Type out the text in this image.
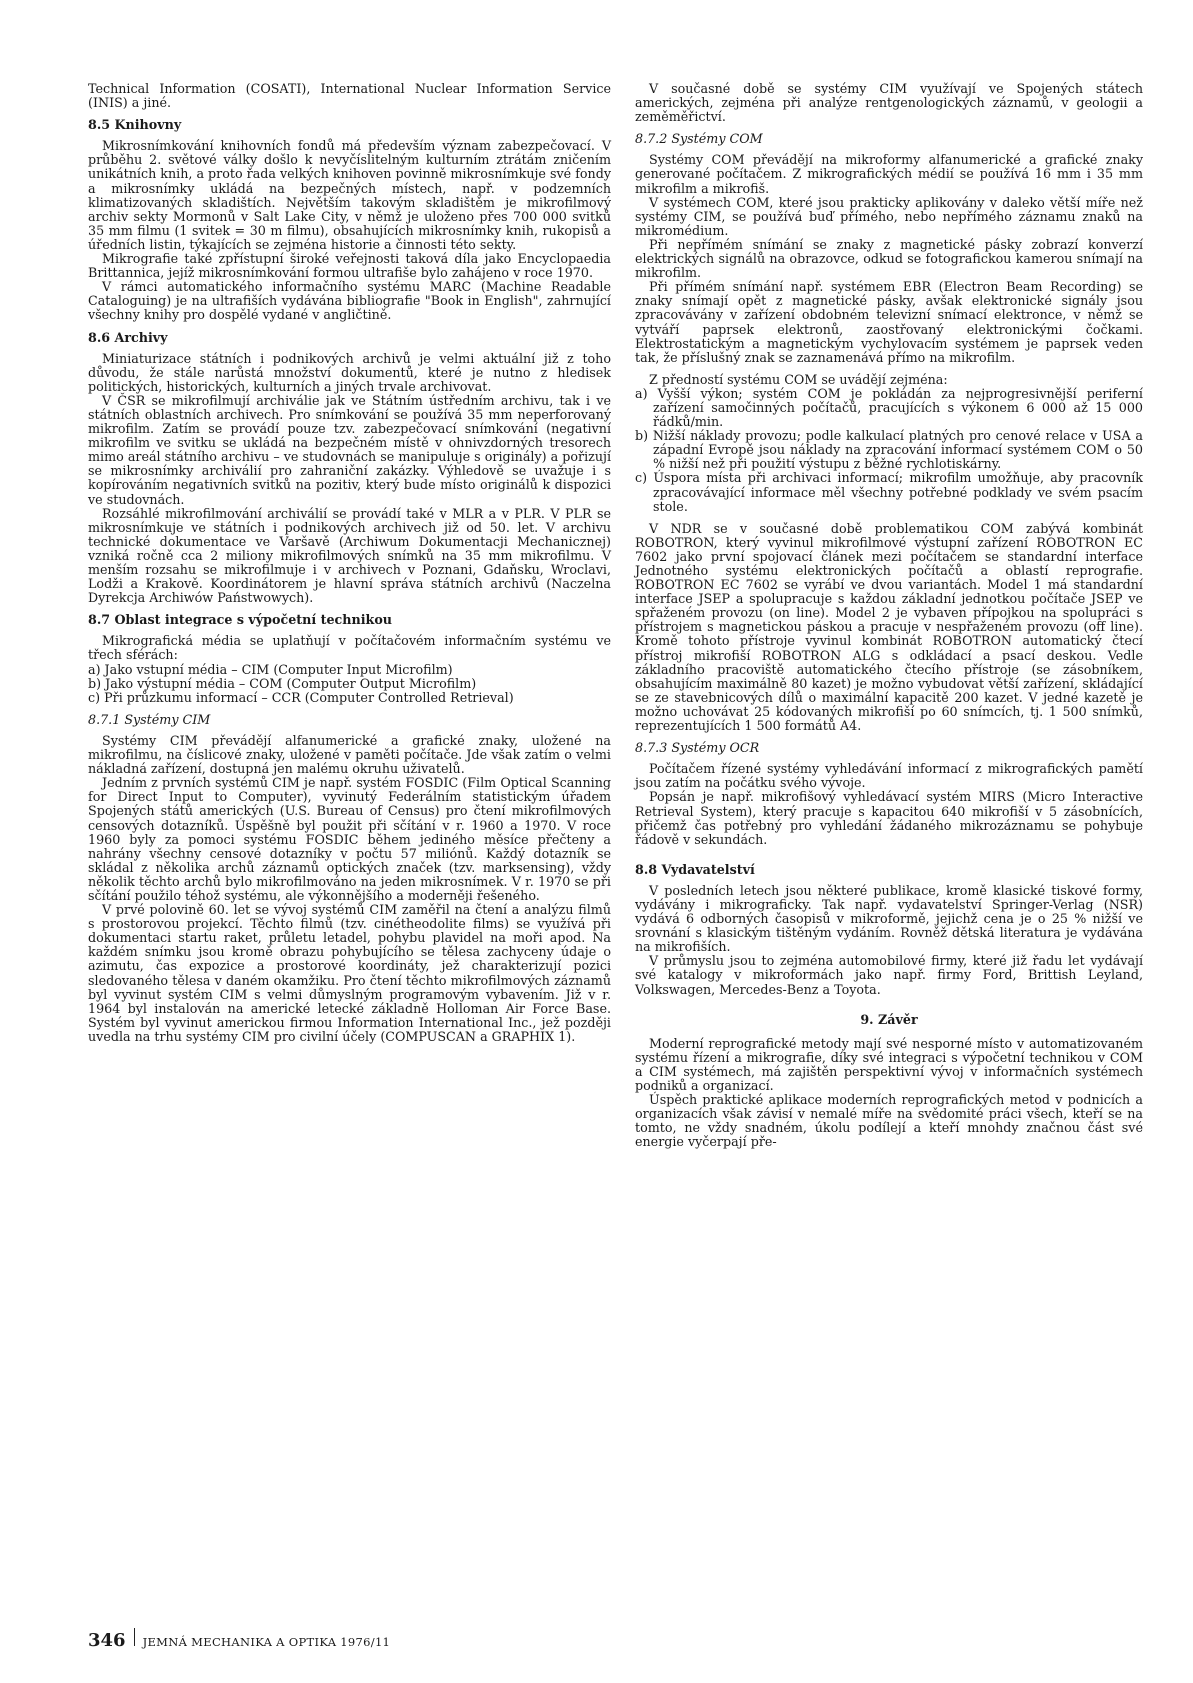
Technical Information (COSATI), International Nuclear Information Service (INIS) a jiné.

8.5 Knihovny

Mikrosnímkování knihovních fondů má především význam zabezpečovací. V průběhu 2. světové války došlo k nevyčíslitelným kulturním ztrátám zničením unikátních knih, a proto řada velkých knihoven povinně mikrosnímkuje své fondy a mikrosnímky ukládá na bezpečných místech, např. v podzemních klimatizovaných skladištích. Největším takovým skladištěm je mikrofilmový archiv sekty Mormonů v Salt Lake City, v němž je uloženo přes 700 000 svitků 35 mm filmu (1 svitek = 30 m filmu), obsahujících mikrosnímky knih, rukopisů a úředních listin, týkajících se zejména historie a činnosti této sekty.

Mikrografie také zpřístupní široké veřejnosti taková díla jako Encyclopaedia Brittannica, jejíž mikrosnímkování formou ultrafiše bylo zahájeno v roce 1970.

V rámci automatického informačního systému MARC (Machine Readable Cataloguing) je na ultrafiších vydávána bibliografie "Book in English", zahrnující všechny knihy pro dospělé vydané v angličtině.

8.6 Archivy

Miniaturizace státních i podnikových archivů je velmi aktuální již z toho důvodu, že stále narůstá množství dokumentů, které je nutno z hledisek politických, historických, kulturních a jiných trvale archivovat.

V ČSR se mikrofilmují archiválie jak ve Státním ústředním archivu, tak i ve státních oblastních archivech. Pro snímkování se používá 35 mm neperforovaný mikrofilm. Zatím se provádí pouze tzv. zabezpečovací snímkování (negativní mikrofilm ve svitku se ukládá na bezpečném místě v ohnivzdorných tresorech mimo areál státního archivu – ve studovnách se manipuluje s originály) a pořizují se mikrosnímky archiválií pro zahraniční zakázky. Výhledově se uvažuje i s kopírováním negativních svitků na pozitiv, který bude místo originálů k dispozici ve studovnách.

Rozsáhlé mikrofilmování archiválií se provádí také v MLR a v PLR. V PLR se mikrosnímkuje ve státních i podnikových archivech již od 50. let. V archivu technické dokumentace ve Varšavě (Archiwum Dokumentacji Mechanicznej) vzniká ročně cca 2 miliony mikrofilmových snímků na 35 mm mikrofilmu. V menším rozsahu se mikrofilmuje i v archivech v Poznani, Gdaňsku, Wroclavi, Lodži a Krakově. Koordinátorem je hlavní správa státních archivů (Naczelna Dyrekcja Archiwów Państwowych).

8.7 Oblast integrace s výpočetní technikou

Mikrografická média se uplatňují v počítačovém informačním systému ve třech sférách:

a) Jako vstupní média – CIM (Computer Input Microfilm)

b) Jako výstupní média – COM (Computer Output Microfilm)

c) Při průzkumu informací – CCR (Computer Controlled Retrieval)

8.7.1 Systémy CIM

Systémy CIM převádějí alfanumerické a grafické znaky, uložené na mikrofilmu, na číslicové znaky, uložené v paměti počítače. Jde však zatím o velmi nákladná zařízení, dostupná jen malému okruhu uživatelů.

Jedním z prvních systémů CIM je např. systém FOSDIC (Film Optical Scanning for Direct Input to Computer), vyvinutý Federálním statistickým úřadem Spojených států amerických (U.S. Bureau of Census) pro čtení mikrofilmových censových dotazníků. Úspěšně byl použit při sčítání v r. 1960 a 1970. V roce 1960 byly za pomoci systému FOSDIC během jediného měsíce přečteny a nahrány všechny censové dotazníky v počtu 57 miliónů. Každý dotazník se skládal z několika archů záznamů optických značek (tzv. marksensing), vždy několik těchto archů bylo mikrofilmováno na jeden mikrosnímek. V r. 1970 se při sčítání použilo téhož systému, ale výkonnějšího a moderněji řešeného.

V prvé polovině 60. let se vývoj systémů CIM zaměřil na čtení a analýzu filmů s prostorovou projekcí. Těchto filmů (tzv. cinétheodolite films) se využívá při dokumentaci startu raket, průletu letadel, pohybu plavidel na moři apod. Na každém snímku jsou kromě obrazu pohybujícího se tělesa zachyceny údaje o azimutu, čas expozice a prostorové koordináty, jež charakterizují pozici sledovaného tělesa v daném okamžiku. Pro čtení těchto mikrofilmových záznamů byl vyvinut systém CIM s velmi důmyslným programovým vybavením. Již v r. 1964 byl instalován na americké letecké základně Holloman Air Force Base. Systém byl vyvinut americkou firmou Information International Inc., jež později uvedla na trhu systémy CIM pro civilní účely (COMPUSCAN a GRAPHIX 1).

V současné době se systémy CIM využívají ve Spojených státech amerických, zejména při analýze rentgenologických záznamů, v geologii a zeměměřictví.

8.7.2 Systémy COM

Systémy COM převádějí na mikroformy alfanumerické a grafické znaky generované počítačem. Z mikrografických médií se používá 16 mm i 35 mm mikrofilm a mikrofiš.

V systémech COM, které jsou prakticky aplikovány v daleko větší míře než systémy CIM, se používá buď přímého, nebo nepřímého záznamu znaků na mikromédium.

Při nepřímém snímání se znaky z magnetické pásky zobrazí konverzí elektrických signálů na obrazovce, odkud se fotografickou kamerou snímají na mikrofilm.

Při přímém snímání např. systémem EBR (Electron Beam Recording) se znaky snímají opět z magnetické pásky, avšak elektronické signály jsou zpracovávány v zařízení obdobném televizní snímací elektronce, v němž se vytváří paprsek elektronů, zaostřovaný elektronickými čočkami. Elektrostatickým a magnetickým vychylovacím systémem je paprsek veden tak, že příslušný znak se zaznamenává přímo na mikrofilm.

Z předností systému COM se uvádějí zejména:

a) Vyšší výkon; systém COM je pokládán za nejprogresivnější periferní zařízení samočinných počítačů, pracujících s výkonem 6 000 až 15 000 řádků/min.

b) Nižší náklady provozu; podle kalkulací platných pro cenové relace v USA a západní Evropě jsou náklady na zpracování informací systémem COM o 50 % nižší než při použití výstupu z běžné rychlotiskárny.

c) Úspora místa při archivaci informací; mikrofilm umožňuje, aby pracovník zpracovávající informace měl všechny potřebné podklady ve svém psacím stole.

V NDR se v současné době problematikou COM zabývá kombinát ROBOTRON, který vyvinul mikrofilmové výstupní zařízení ROBOTRON EC 7602 jako první spojovací článek mezi počítačem se standardní interface Jednotného systému elektronických počítačů a oblastí reprografie. ROBOTRON EC 7602 se vyrábí ve dvou variantách. Model 1 má standardní interface JSEP a spolupracuje s každou základní jednotkou počítače JSEP ve spřaženém provozu (on line). Model 2 je vybaven přípojkou na spolupráci s přístrojem s magnetickou páskou a pracuje v nespřaženém provozu (off line). Kromě tohoto přístroje vyvinul kombinát ROBOTRON automatický čtecí přístroj mikrofiší ROBOTRON ALG s odkládací a psací deskou. Vedle základního pracoviště automatického čtecího přístroje (se zásobníkem, obsahujícím maximálně 80 kazet) je možno vybudovat větší zařízení, skládající se ze stavebnicových dílů o maximální kapacitě 200 kazet. V jedné kazetě je možno uchovávat 25 kódovaných mikrofiší po 60 snímcích, tj. 1 500 snímků, reprezentujících 1 500 formátů A4.

8.7.3 Systémy OCR

Počítačem řízené systémy vyhledávání informací z mikrografických pamětí jsou zatím na počátku svého vývoje.

Popsán je např. mikrofišový vyhledávací systém MIRS (Micro Interactive Retrieval System), který pracuje s kapacitou 640 mikrofiší v 5 zásobnících, přičemž čas potřebný pro vyhledání žádaného mikrozáznamu se pohybuje řádově v sekundách.

8.8 Vydavatelství

V posledních letech jsou některé publikace, kromě klasické tiskové formy, vydávány i mikrograficky. Tak např. vydavatelství Springer-Verlag (NSR) vydává 6 odborných časopisů v mikroformě, jejichž cena je o 25 % nižší ve srovnání s klasickým tištěným vydáním. Rovněž dětská literatura je vydávána na mikrofiších.

V průmyslu jsou to zejména automobilové firmy, které již řadu let vydávají své katalogy v mikroformách jako např. firmy Ford, Brittish Leyland, Volkswagen, Mercedes-Benz a Toyota.

9. Závěr

Moderní reprografické metody mají své nesporné místo v automatizovaném systému řízení a mikrografie, díky své integraci s výpočetní technikou v COM a CIM systémech, má zajištěn perspektivní vývoj v informačních systémech podniků a organizací.

Úspěch praktické aplikace moderních reprografických metod v podnicích a organizacích však závisí v nemalé míře na svědomité práci všech, kteří se na tomto, ne vždy snadném, úkolu podílejí a kteří mnohdy značnou část své energie vyčerpají pře-

346 JEMNÁ MECHANIKA A OPTIKA 1976/11
